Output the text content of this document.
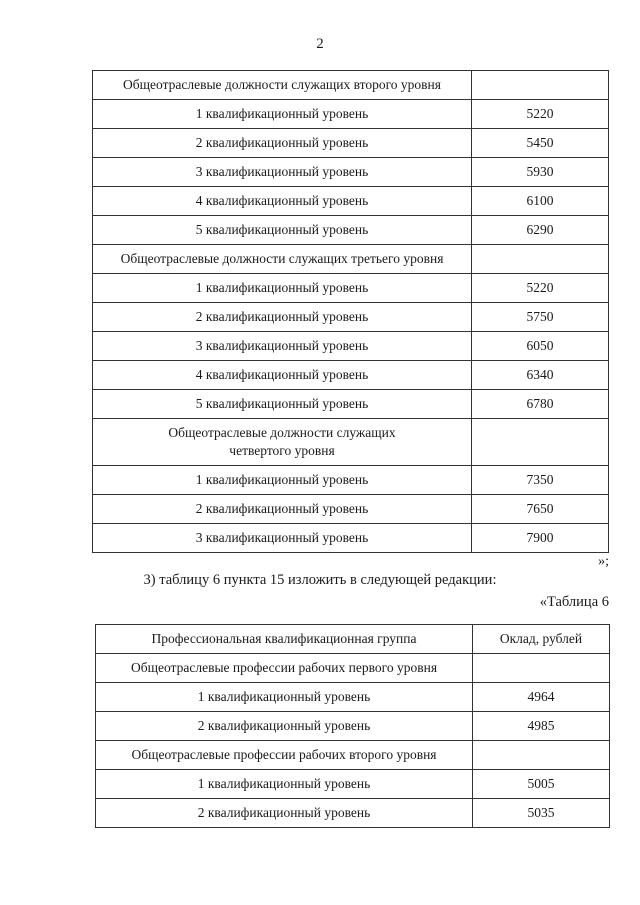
2
Общеотраслевые должности служащих второго уровня	
1 квалификационный уровень	5220
2 квалификационный уровень	5450
3 квалификационный уровень	5930
4 квалификационный уровень	6100
5 квалификационный уровень	6290
Общеотраслевые должности служащих третьего уровня	
1 квалификационный уровень	5220
2 квалификационный уровень	5750
3 квалификационный уровень	6050
4 квалификационный уровень	6340
5 квалификационный уровень	6780
Общеотраслевые должности служащих
четвертого уровня	
1 квалификационный уровень	7350
2 квалификационный уровень	7650
3 квалификационный уровень	7900
»;
3) таблицу 6 пункта 15 изложить в следующей редакции:
«Таблица 6
Профессиональная квалификационная группа	Оклад, рублей
Общеотраслевые профессии рабочих первого уровня	
1 квалификационный уровень	4964
2 квалификационный уровень	4985
Общеотраслевые профессии рабочих второго уровня	
1 квалификационный уровень	5005
2 квалификационный уровень	5035
